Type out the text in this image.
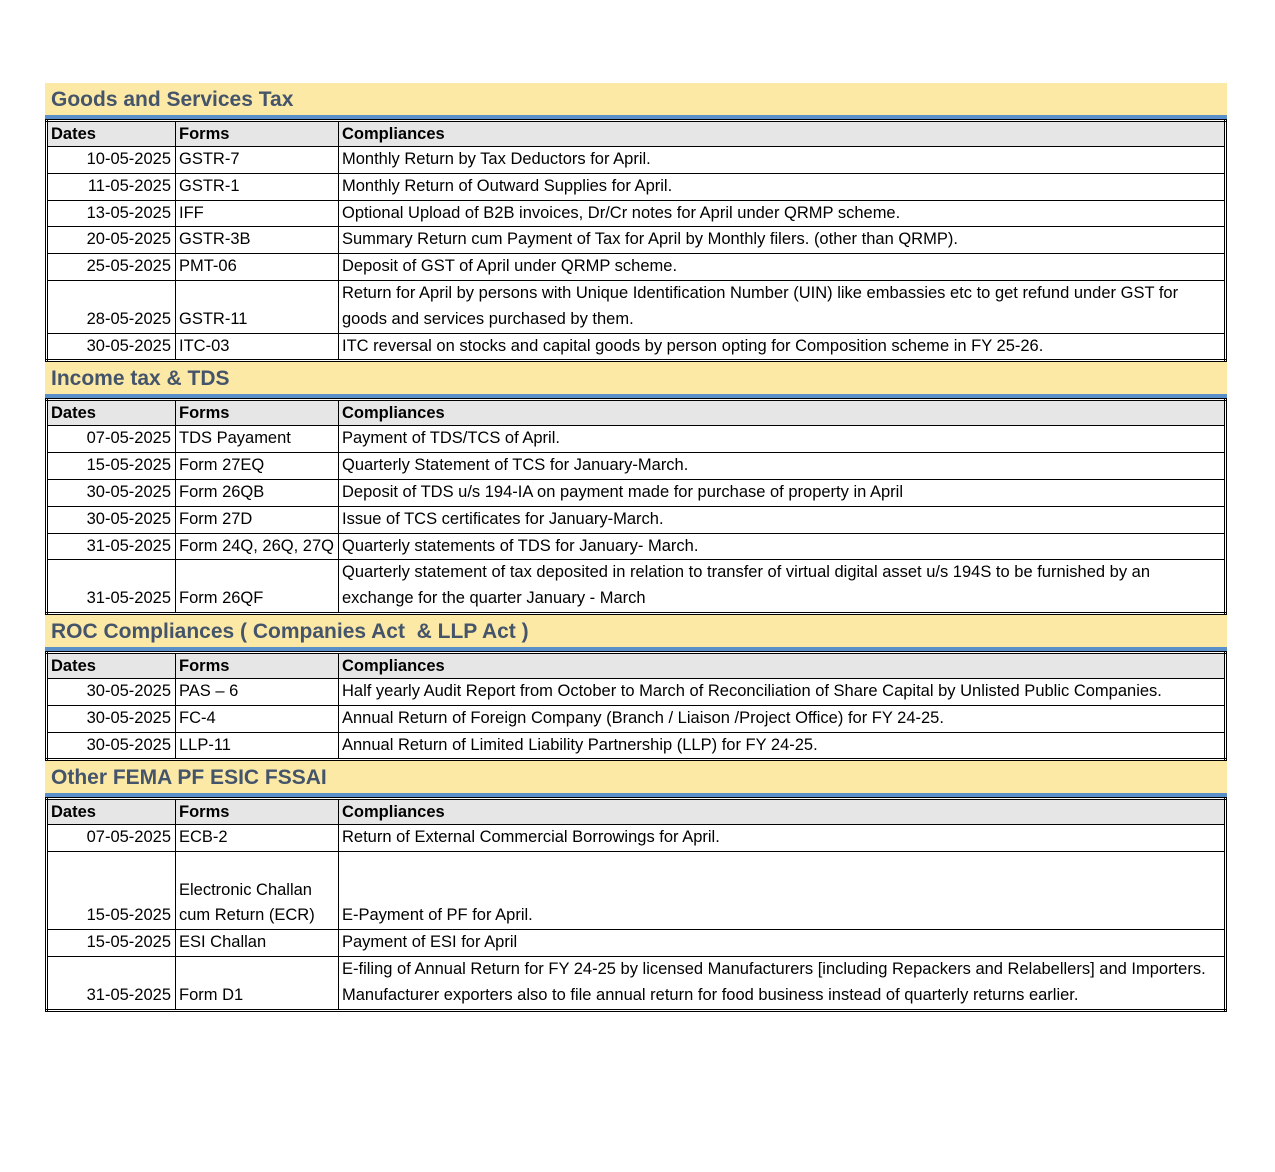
Goods and Services Tax
Dates	Forms	Compliances
10-05-2025	GSTR-7	Monthly Return by Tax Deductors for April.
11-05-2025	GSTR-1	Monthly Return of Outward Supplies for April.
13-05-2025	IFF	Optional Upload of B2B invoices, Dr/Cr notes for April under QRMP scheme.
20-05-2025	GSTR-3B	Summary Return cum Payment of Tax for April by Monthly filers. (other than QRMP).
25-05-2025	PMT-06	Deposit of GST of April under QRMP scheme.
28-05-2025	GSTR-11	Return for April by persons with Unique Identification Number (UIN) like embassies etc to get refund under GST for goods and services purchased by them.
30-05-2025	ITC-03	ITC reversal on stocks and capital goods by person opting for Composition scheme in FY 25-26.
Income tax & TDS
Dates	Forms	Compliances
07-05-2025	TDS Payament	Payment of TDS/TCS of April.
15-05-2025	Form 27EQ	Quarterly Statement of TCS for January-March.
30-05-2025	Form 26QB	Deposit of TDS u/s 194-IA on payment made for purchase of property in April
30-05-2025	Form 27D	Issue of TCS certificates for January-March.
31-05-2025	Form 24Q, 26Q, 27Q	Quarterly statements of TDS for January- March.
31-05-2025	Form 26QF	Quarterly statement of tax deposited in relation to transfer of virtual digital asset u/s 194S to be furnished by an exchange for the quarter January - March
ROC Compliances ( Companies Act  & LLP Act )
Dates	Forms	Compliances
30-05-2025	PAS – 6	Half yearly Audit Report from October to March of Reconciliation of Share Capital by Unlisted Public Companies.
30-05-2025	FC-4	Annual Return of Foreign Company (Branch / Liaison /Project Office) for FY 24-25.
30-05-2025	LLP-11	Annual Return of Limited Liability Partnership (LLP) for FY 24-25.
Other FEMA PF ESIC FSSAI
Dates	Forms	Compliances
07-05-2025	ECB-2	Return of External Commercial Borrowings for April.
15-05-2025	Electronic Challan cum Return (ECR)	E-Payment of PF for April.
15-05-2025	ESI Challan	Payment of ESI for April
31-05-2025	Form D1	E-filing of Annual Return for FY 24-25 by licensed Manufacturers [including Repackers and Relabellers] and Importers. Manufacturer exporters also to file annual return for food business instead of quarterly returns earlier.
